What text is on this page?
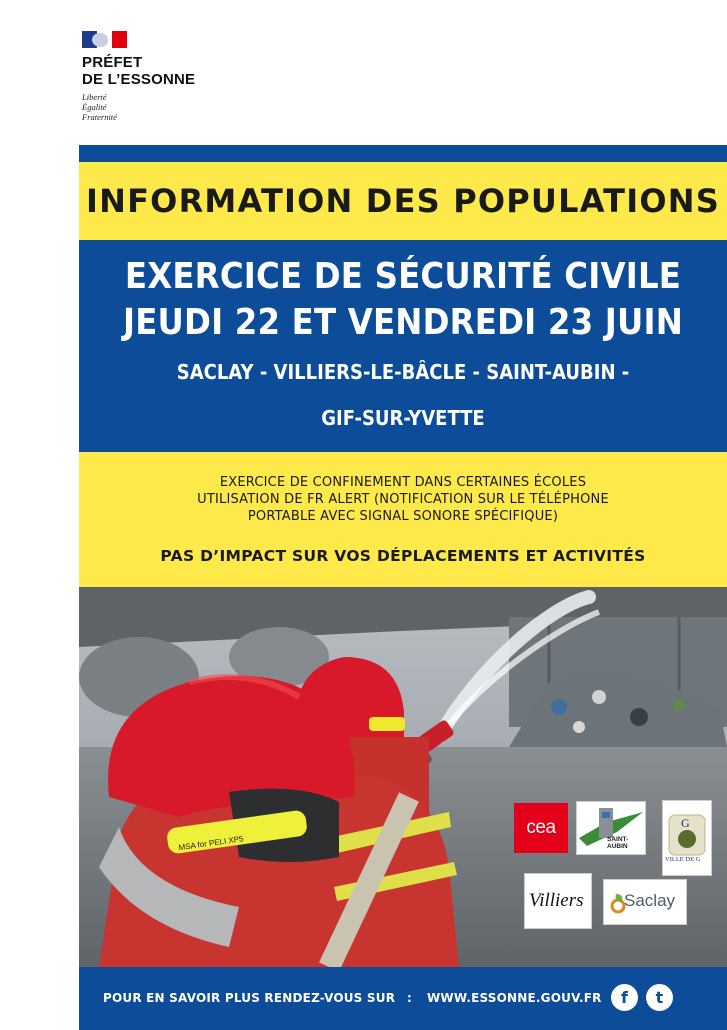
PRÉFET
DE L’ESSONNE
Liberté
Égalité
Fraternité
INFORMATION DES POPULATIONS
EXERCICE DE SÉCURITÉ CIVILE
JEUDI 22 ET VENDREDI 23 JUIN
SACLAY - VILLIERS-LE-BÂCLE - SAINT-AUBIN -
GIF-SUR-YVETTE
EXERCICE DE CONFINEMENT DANS CERTAINES ÉCOLES
UTILISATION DE FR ALERT (NOTIFICATION SUR LE TÉLÉPHONE
PORTABLE AVEC SIGNAL SONORE SPÉCIFIQUE)
PAS D’IMPACT SUR VOS DÉPLACEMENTS ET ACTIVITÉS
MSA for PELI XP5
cea
SAINT-AUBIN
G
VILLE DE G
Villiers Saclay
POUR EN SAVOIR PLUS RENDEZ-VOUS SUR : WWW.ESSONNE.GOUV.FR	f	t
